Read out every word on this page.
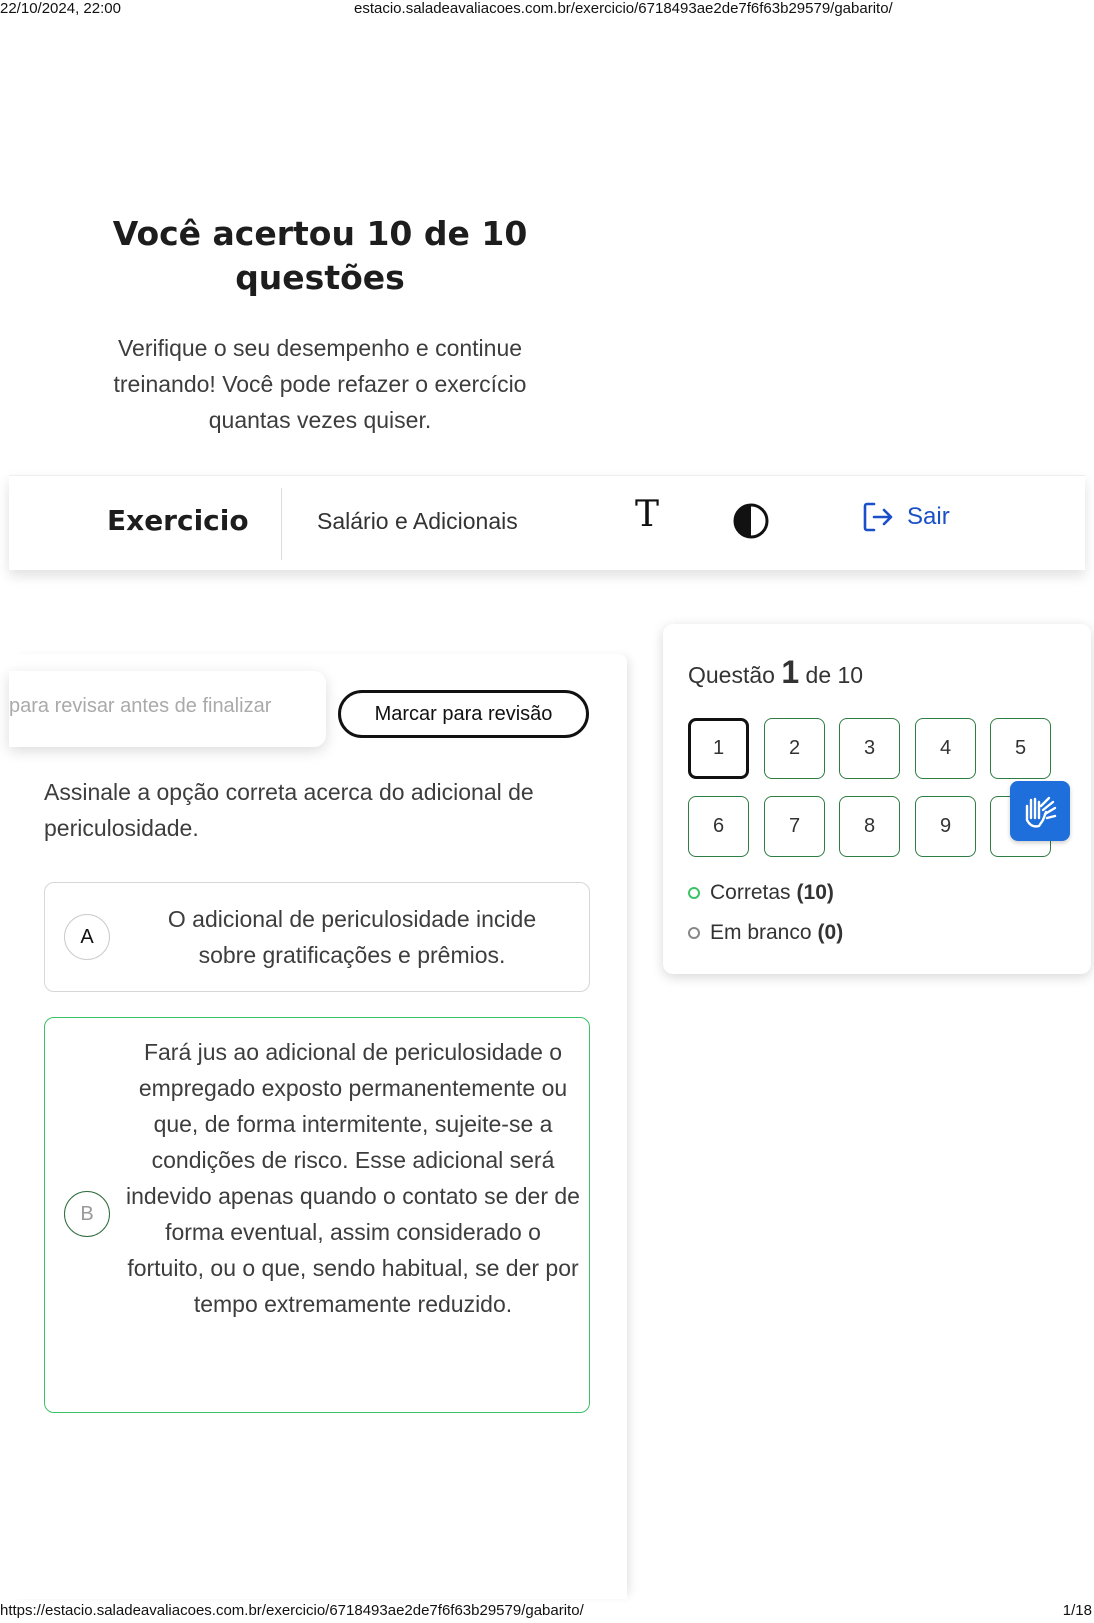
22/10/2024, 22:00	estacio.saladeavaliacoes.com.br/exercicio/6718493ae2de7f6f63b29579/gabarito/
Você acertou 10 de 10 questões
Verifique o seu desempenho e continue treinando! Você pode refazer o exercício quantas vezes quiser.
Exercicio	Salário e Adicionais	T	Sair
para revisar antes de finalizar	Marcar para revisão
Assinale a opção correta acerca do adicional de periculosidade.
A
O adicional de periculosidade incide sobre gratificações e prêmios.
B
Fará jus ao adicional de periculosidade o empregado exposto permanentemente ou que, de forma intermitente, sujeite-se a condições de risco. Esse adicional será indevido apenas quando o contato se der de forma eventual, assim considerado o fortuito, ou o que, sendo habitual, se der por tempo extremamente reduzido.
Questão 1 de 10
1	2	3	4	5
6	7	8	9
Corretas (10)
Em branco (0)
https://estacio.saladeavaliacoes.com.br/exercicio/6718493ae2de7f6f63b29579/gabarito/	1/18
